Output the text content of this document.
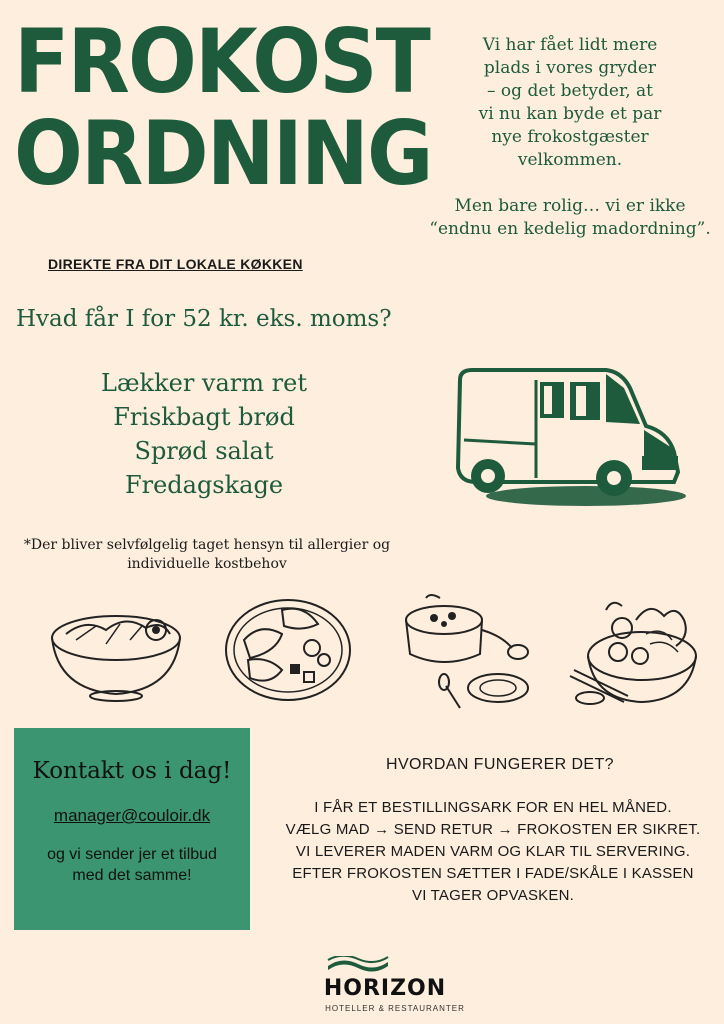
FROKOST
ORDNING
DIREKTE FRA DIT LOKALE KØKKEN

Vi har fået lidt mere

plads i vores gryder

– og det betyder, at

vi nu kan byde et par

nye frokostgæster

velkommen.

Men bare rolig… vi er ikke

“endnu en kedelig madordning”.

Hvad får I for 52 kr. eks. moms?
Lækker varm ret
Friskbagt brød
Sprød salat
Fredagskage
*Der bliver selvfølgelig taget hensyn til allergier og
individuelle kostbehov
Kontakt os i dag!
manager@couloir.dk
og vi sender jer et tilbud med det samme!
HVORDAN FUNGERER DET?
I FÅR ET BESTILLINGSARK FOR EN HEL MÅNED.
VÆLG MAD → SEND RETUR → FROKOSTEN ER SIKRET.
VI LEVERER MADEN VARM OG KLAR TIL SERVERING.
EFTER FROKOSTEN SÆTTER I FADE/SKÅLE I KASSEN
VI TAGER OPVASKEN.
HORIZON
HOTELLER & RESTAURANTER
